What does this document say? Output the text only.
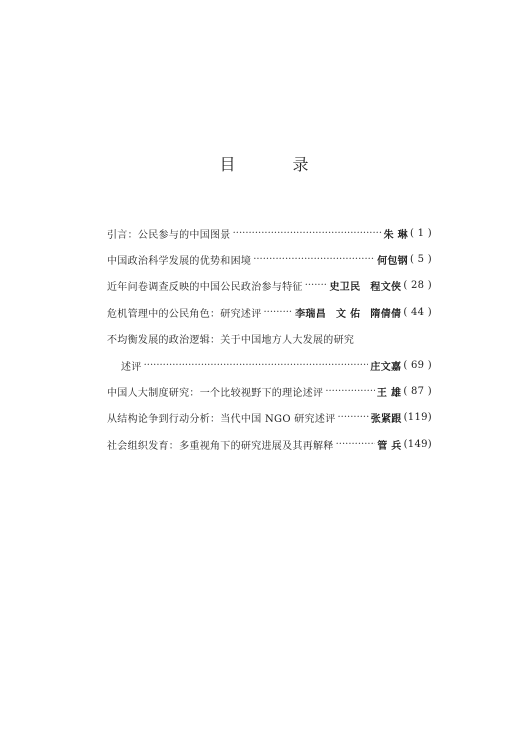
目 录
引言：公民参与的中国图景 ·····	朱 琳 ( 1 )
中国政治科学发展的优势和困境 ·····	何包钢 ( 5 )
近年问卷调查反映的中国公民政治参与特征 ·····	史卫民 程文侠 ( 28 )
危机管理中的公民角色：研究述评 ·····	李瑞昌 文 佑 隋倩倩 ( 44 )
不均衡发展的政治逻辑：关于中国地方人大发展的研究
述评 ·····	庄文嘉 ( 69 )
中国人大制度研究：一个比较视野下的理论述评 ·····	王 雄 ( 87 )
从结构论争到行动分析：当代中国 NGO 研究述评 ·····	张紧跟 (119)
社会组织发育：多重视角下的研究进展及其再解释 ·····	管 兵 (149)
